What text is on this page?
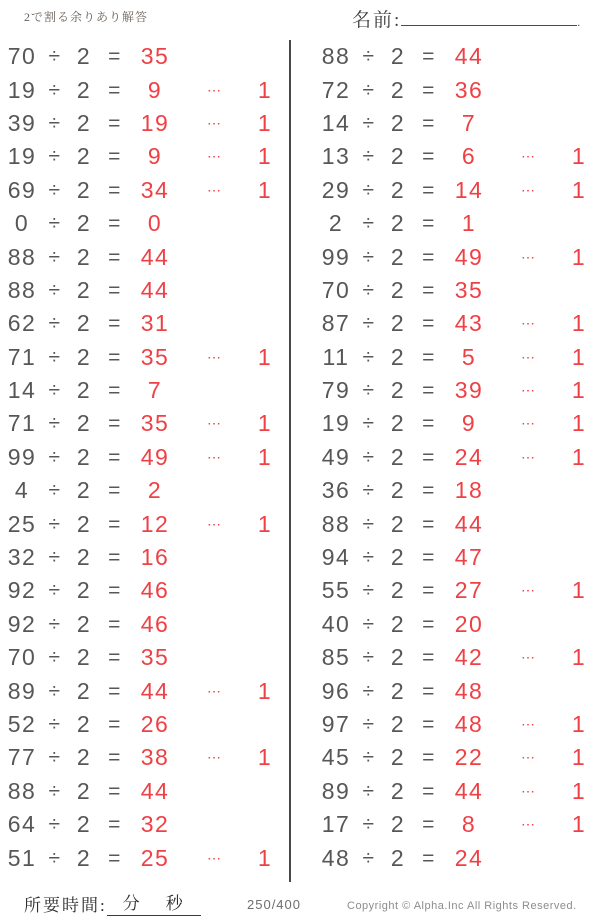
2で割る余りあり解答	名前:	.
70 ÷ 2 = 35
19 ÷ 2 =	9	⋯	1
39 ÷ 2 = 19	⋯	1
19 ÷ 2 =	9	⋯	1
69 ÷ 2 = 34	⋯	1
0 ÷ 2 =	0
88 ÷ 2 = 44
88 ÷ 2 = 44
62 ÷ 2 = 31
71 ÷ 2 = 35	⋯	1
14 ÷ 2 =	7
71 ÷ 2 = 35	⋯	1
99 ÷ 2 = 49	⋯	1
4 ÷ 2 =	2
25 ÷ 2 = 12	⋯	1
32 ÷ 2 = 16
92 ÷ 2 = 46
92 ÷ 2 = 46
70 ÷ 2 = 35
89 ÷ 2 = 44	⋯	1
52 ÷ 2 = 26
77 ÷ 2 = 38	⋯	1
88 ÷ 2 = 44
64 ÷ 2 = 32
51 ÷ 2 = 25	⋯	1
88 ÷ 2 = 44
72 ÷ 2 = 36
14 ÷ 2 =	7
13 ÷ 2 =	6	⋯	1
29 ÷ 2 = 14	⋯	1
2 ÷ 2 =	1
99 ÷ 2 = 49	⋯	1
70 ÷ 2 = 35
87 ÷ 2 = 43	⋯	1
11 ÷ 2 =	5	⋯	1
79 ÷ 2 = 39	⋯	1
19 ÷ 2 =	9	⋯	1
49 ÷ 2 = 24	⋯	1
36 ÷ 2 = 18
88 ÷ 2 = 44
94 ÷ 2 = 47
55 ÷ 2 = 27	⋯	1
40 ÷ 2 = 20
85 ÷ 2 = 42	⋯	1
96 ÷ 2 = 48
97 ÷ 2 = 48	⋯	1
45 ÷ 2 = 22	⋯	1
89 ÷ 2 = 44	⋯	1
17 ÷ 2 =	8	⋯	1
48 ÷ 2 = 24
所要時間: 分 秒	250/400	Copyright © Alpha.Inc All Rights Reserved.
